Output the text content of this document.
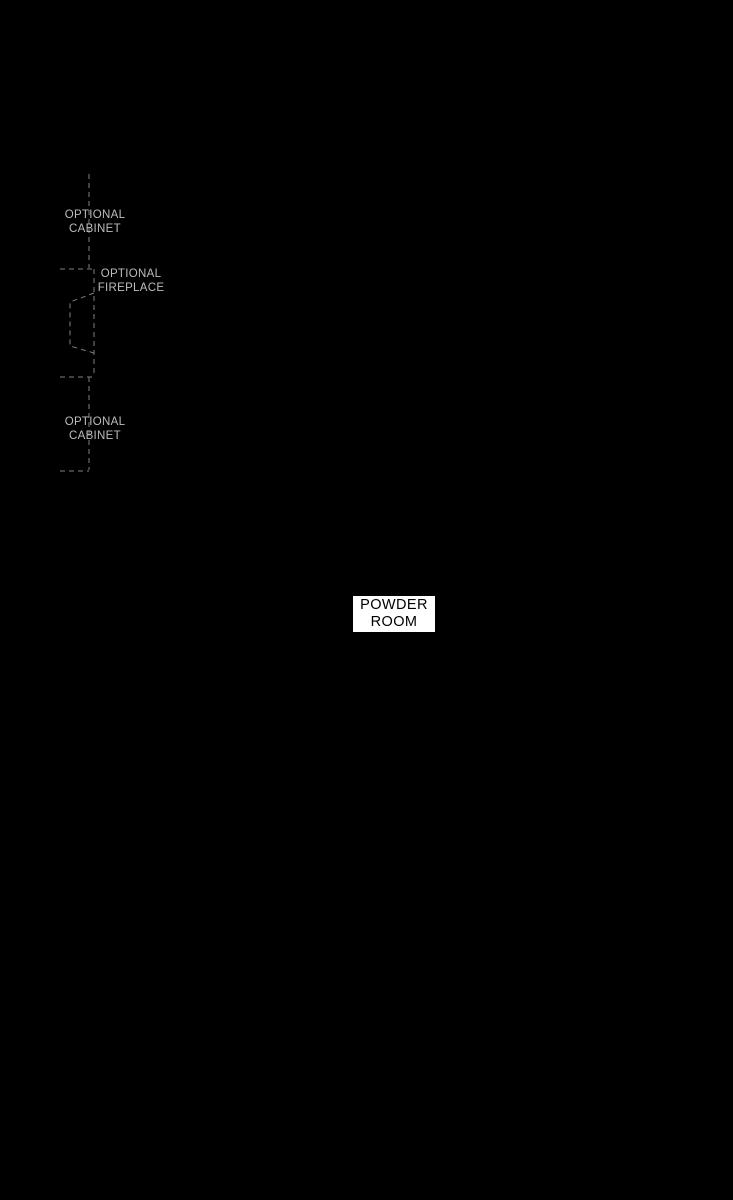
OPTIONAL
CABINET
OPTIONAL
FIREPLACE
OPTIONAL
CABINET
POWDER
ROOM
